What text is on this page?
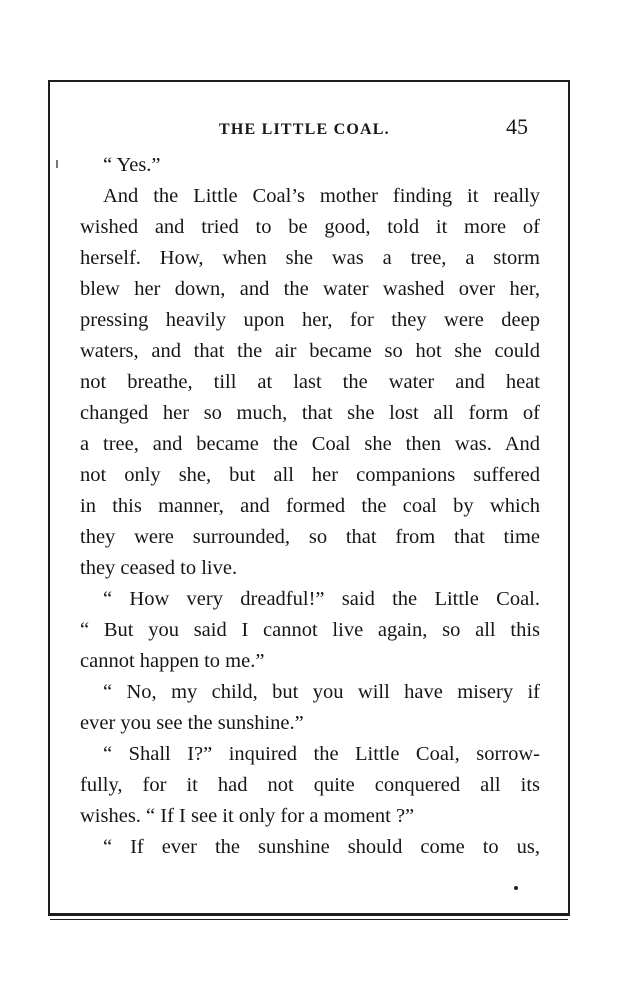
THE LITTLE COAL.	45
“ Yes.”
And the Little Coal’s mother finding it really
wished and tried to be good, told it more of
herself. How, when she was a tree, a storm
blew her down, and the water washed over her,
pressing heavily upon her, for they were deep
waters, and that the air became so hot she could
not breathe, till at last the water and heat
changed her so much, that she lost all form of
a tree, and became the Coal she then was. And
not only she, but all her companions suffered
in this manner, and formed the coal by which
they were surrounded, so that from that time
they ceased to live.
“ How very dreadful!” said the Little Coal.
“ But you said I cannot live again, so all this
cannot happen to me.”
“ No, my child, but you will have misery if
ever you see the sunshine.”
“ Shall I?” inquired the Little Coal, sorrow-
fully, for it had not quite conquered all its
wishes. “ If I see it only for a moment ?”
“ If ever the sunshine should come to us,
